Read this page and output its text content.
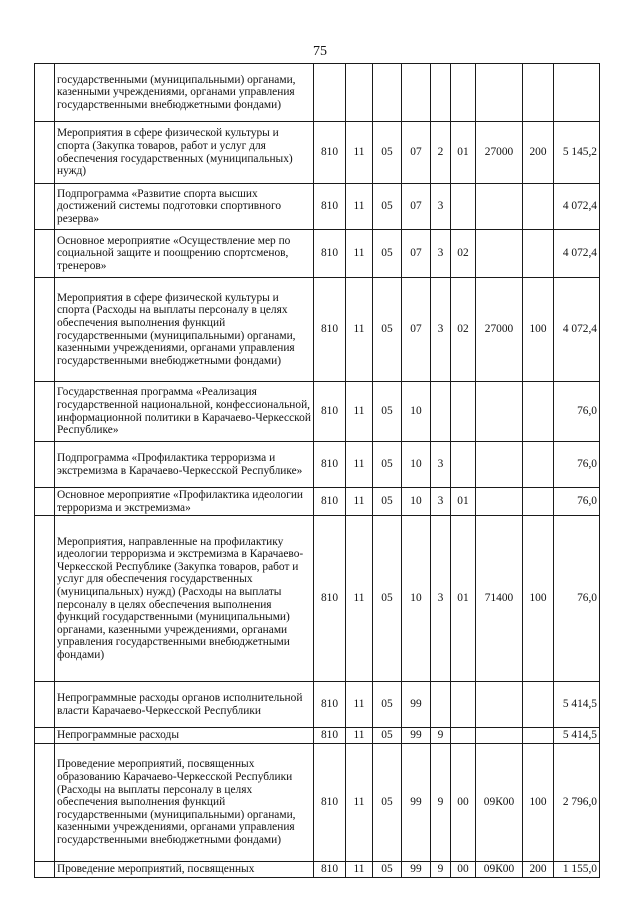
75
	государственными (муниципальными) органами, казенными учреждениями, органами управления государственными внебюджетными фондами)									
	Мероприятия в сфере физической культуры и спорта (Закупка товаров, работ и услуг для обеспечения государственных (муниципальных) нужд)	810	11	05	07	2	01	27000	200	5 145,2
	Подпрограмма «Развитие спорта высших достижений системы подготовки спортивного резерва»	810	11	05	07	3				4 072,4
	Основное мероприятие «Осуществление мер по социальной защите и поощрению спортсменов, тренеров»	810	11	05	07	3	02			4 072,4
	Мероприятия в сфере физической культуры и спорта (Расходы на выплаты персоналу в целях обеспечения выполнения функций государственными (муниципальными) органами, казенными учреждениями, органами управления государственными внебюджетными фондами)	810	11	05	07	3	02	27000	100	4 072,4
	Государственная программа «Реализация государственной национальной, конфессиональной, информационной политики в Карачаево-Черкесской Республике»	810	11	05	10					76,0
	Подпрограмма «Профилактика терроризма и экстремизма в Карачаево-Черкесской Республике»	810	11	05	10	3				76,0
	Основное мероприятие «Профилактика идеологии терроризма и экстремизма»	810	11	05	10	3	01			76,0
	Мероприятия, направленные на профилактику идеологии терроризма и экстремизма в Карачаево-Черкесской Республике (Закупка товаров, работ и услуг для обеспечения государственных (муниципальных) нужд) (Расходы на выплаты персоналу в целях обеспечения выполнения функций государственными (муниципальными) органами, казенными учреждениями, органами управления государственными внебюджетными фондами)	810	11	05	10	3	01	71400	100	76,0
	Непрограммные расходы органов исполнительной власти Карачаево-Черкесской Республики	810	11	05	99					5 414,5
	Непрограммные расходы	810	11	05	99	9				5 414,5
	Проведение мероприятий, посвященных образованию Карачаево-Черкесской Республики (Расходы на выплаты персоналу в целях обеспечения выполнения функций государственными (муниципальными) органами, казенными учреждениями, органами управления государственными внебюджетными фондами)	810	11	05	99	9	00	09К00	100	2 796,0
	Проведение мероприятий, посвященных	810	11	05	99	9	00	09К00	200	1 155,0
